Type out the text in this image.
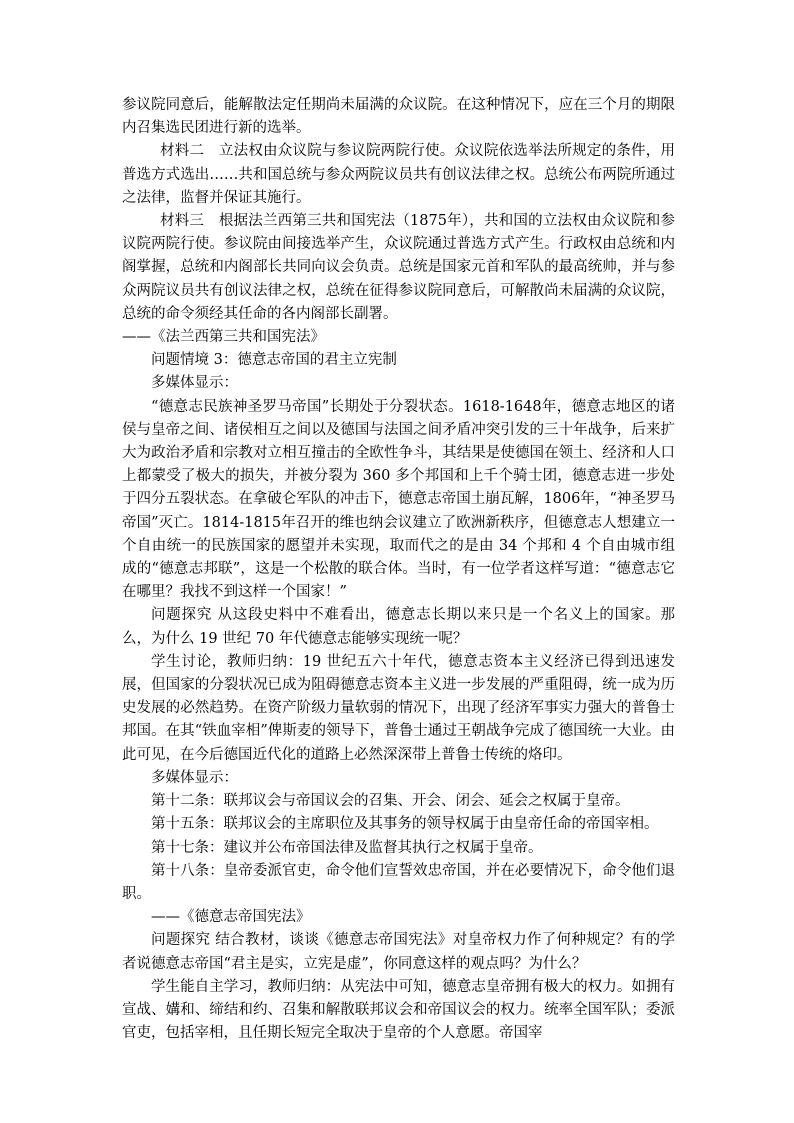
参议院同意后，能解散法定任期尚未届满的众议院。在这种情况下，应在三个月的期限内召集选民团进行新的选举。

材料二　立法权由众议院与参议院两院行使。众议院依选举法所规定的条件，用普选方式选出……共和国总统与参众两院议员共有创议法律之权。总统公布两院所通过之法律，监督并保证其施行。

材料三　根据法兰西第三共和国宪法（1875年），共和国的立法权由众议院和参议院两院行使。参议院由间接选举产生，众议院通过普选方式产生。行政权由总统和内阁掌握，总统和内阁部长共同向议会负责。总统是国家元首和军队的最高统帅，并与参众两院议员共有创议法律之权，总统在征得参议院同意后，可解散尚未届满的众议院，总统的命令须经其任命的各内阁部长副署。

——《法兰西第三共和国宪法》

问题情境 3：德意志帝国的君主立宪制

多媒体显示：

“德意志民族神圣罗马帝国”长期处于分裂状态。1618-1648年，德意志地区的诸侯与皇帝之间、诸侯相互之间以及德国与法国之间矛盾冲突引发的三十年战争，后来扩大为政治矛盾和宗教对立相互撞击的全欧性争斗，其结果是使德国在领土、经济和人口上都蒙受了极大的损失，并被分裂为 360 多个邦国和上千个骑士团，德意志进一步处于四分五裂状态。在拿破仑军队的冲击下，德意志帝国土崩瓦解，1806年，“神圣罗马帝国”灭亡。1814-1815年召开的维也纳会议建立了欧洲新秩序，但德意志人想建立一个自由统一的民族国家的愿望并未实现，取而代之的是由 34 个邦和 4 个自由城市组成的“德意志邦联”，这是一个松散的联合体。当时，有一位学者这样写道：“德意志它在哪里？我找不到这样一个国家！”

问题探究 从这段史料中不难看出，德意志长期以来只是一个名义上的国家。那么，为什么 19 世纪 70 年代德意志能够实现统一呢？

学生讨论，教师归纳：19 世纪五六十年代，德意志资本主义经济已得到迅速发展，但国家的分裂状况已成为阻碍德意志资本主义进一步发展的严重阻碍，统一成为历史发展的必然趋势。在资产阶级力量软弱的情况下，出现了经济军事实力强大的普鲁士邦国。在其“铁血宰相”俾斯麦的领导下，普鲁士通过王朝战争完成了德国统一大业。由此可见，在今后德国近代化的道路上必然深深带上普鲁士传统的烙印。

多媒体显示：

第十二条：联邦议会与帝国议会的召集、开会、闭会、延会之权属于皇帝。

第十五条：联邦议会的主席职位及其事务的领导权属于由皇帝任命的帝国宰相。

第十七条：建议并公布帝国法律及监督其执行之权属于皇帝。

第十八条：皇帝委派官吏，命令他们宣誓效忠帝国，并在必要情况下，命令他们退职。

——《德意志帝国宪法》

问题探究 结合教材，谈谈《德意志帝国宪法》对皇帝权力作了何种规定？有的学者说德意志帝国“君主是实，立宪是虚”，你同意这样的观点吗？为什么？

学生能自主学习，教师归纳：从宪法中可知，德意志皇帝拥有极大的权力。如拥有宣战、媾和、缔结和约、召集和解散联邦议会和帝国议会的权力。统率全国军队；委派官吏，包括宰相，且任期长短完全取决于皇帝的个人意愿。帝国宰
